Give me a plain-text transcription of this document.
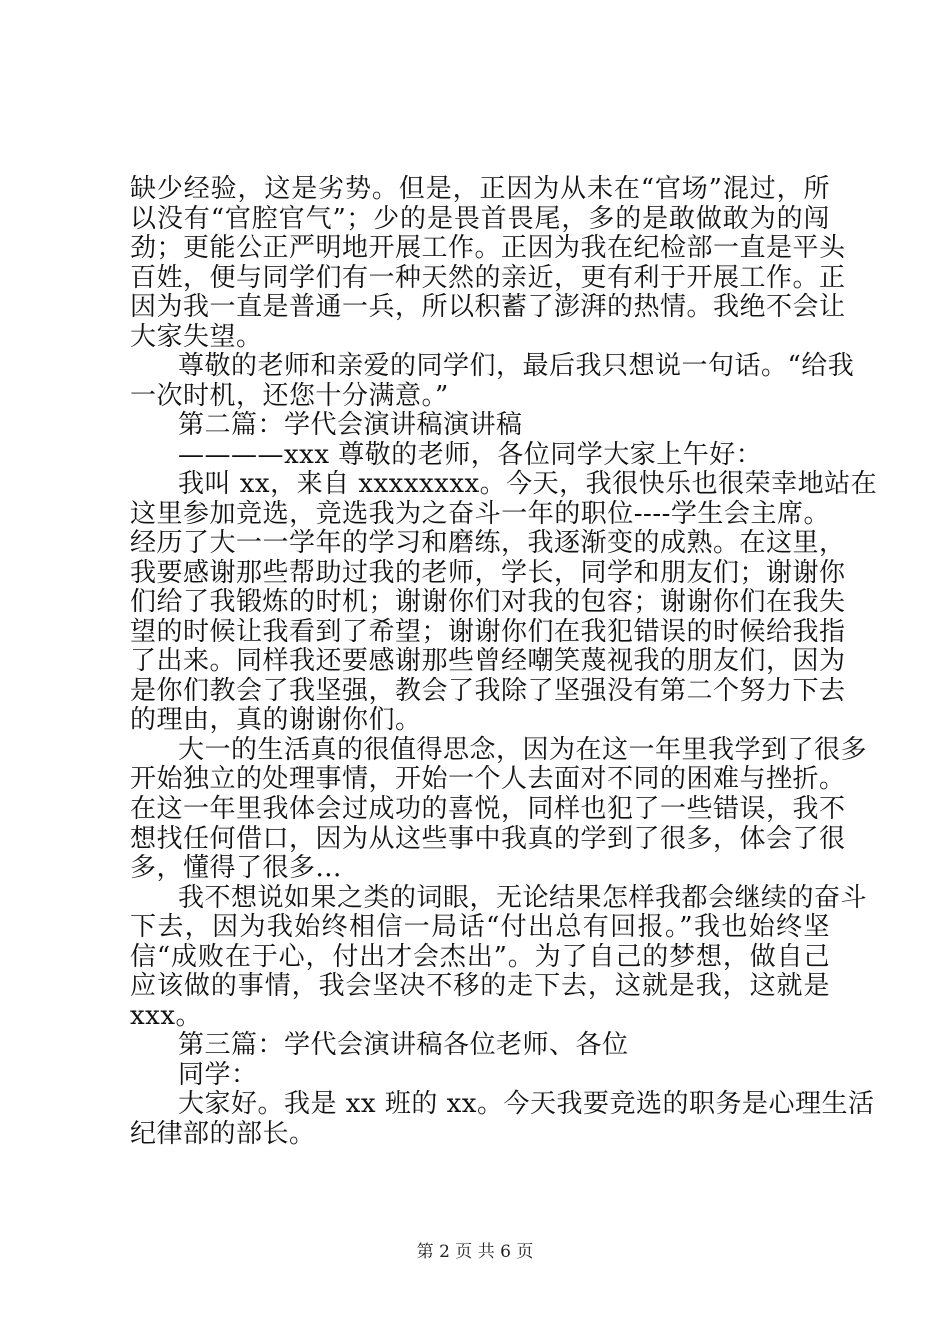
缺少经验，这是劣势。但是，正因为从未在“官场”混过，所
以没有“官腔官气”；少的是畏首畏尾，多的是敢做敢为的闯
劲；更能公正严明地开展工作。正因为我在纪检部一直是平头
百姓，便与同学们有一种天然的亲近，更有利于开展工作。正
因为我一直是普通一兵，所以积蓄了澎湃的热情。我绝不会让
大家失望。
尊敬的老师和亲爱的同学们，最后我只想说一句话。“给我
一次时机，还您十分满意。”
第二篇：学代会演讲稿演讲稿
————xxx 尊敬的老师，各位同学大家上午好：
我叫 xx，来自 xxxxxxxx。今天，我很快乐也很荣幸地站在
这里参加竞选，竞选我为之奋斗一年的职位----学生会主席。
经历了大一一学年的学习和磨练，我逐渐变的成熟。在这里，
我要感谢那些帮助过我的老师，学长，同学和朋友们；谢谢你
们给了我锻炼的时机；谢谢你们对我的包容；谢谢你们在我失
望的时候让我看到了希望；谢谢你们在我犯错误的时候给我指
了出来。同样我还要感谢那些曾经嘲笑蔑视我的朋友们，因为
是你们教会了我坚强，教会了我除了坚强没有第二个努力下去
的理由，真的谢谢你们。
大一的生活真的很值得思念，因为在这一年里我学到了很多
开始独立的处理事情，开始一个人去面对不同的困难与挫折。
在这一年里我体会过成功的喜悦，同样也犯了一些错误，我不
想找任何借口，因为从这些事中我真的学到了很多，体会了很
多，懂得了很多...
我不想说如果之类的词眼，无论结果怎样我都会继续的奋斗
下去，因为我始终相信一局话“付出总有回报。”我也始终坚
信“成败在于心，付出才会杰出”。为了自己的梦想，做自己
应该做的事情，我会坚决不移的走下去，这就是我，这就是
xxx。
第三篇：学代会演讲稿各位老师、各位
同学：
大家好。我是 xx 班的 xx。今天我要竞选的职务是心理生活
纪律部的部长。
第 2 页 共 6 页
